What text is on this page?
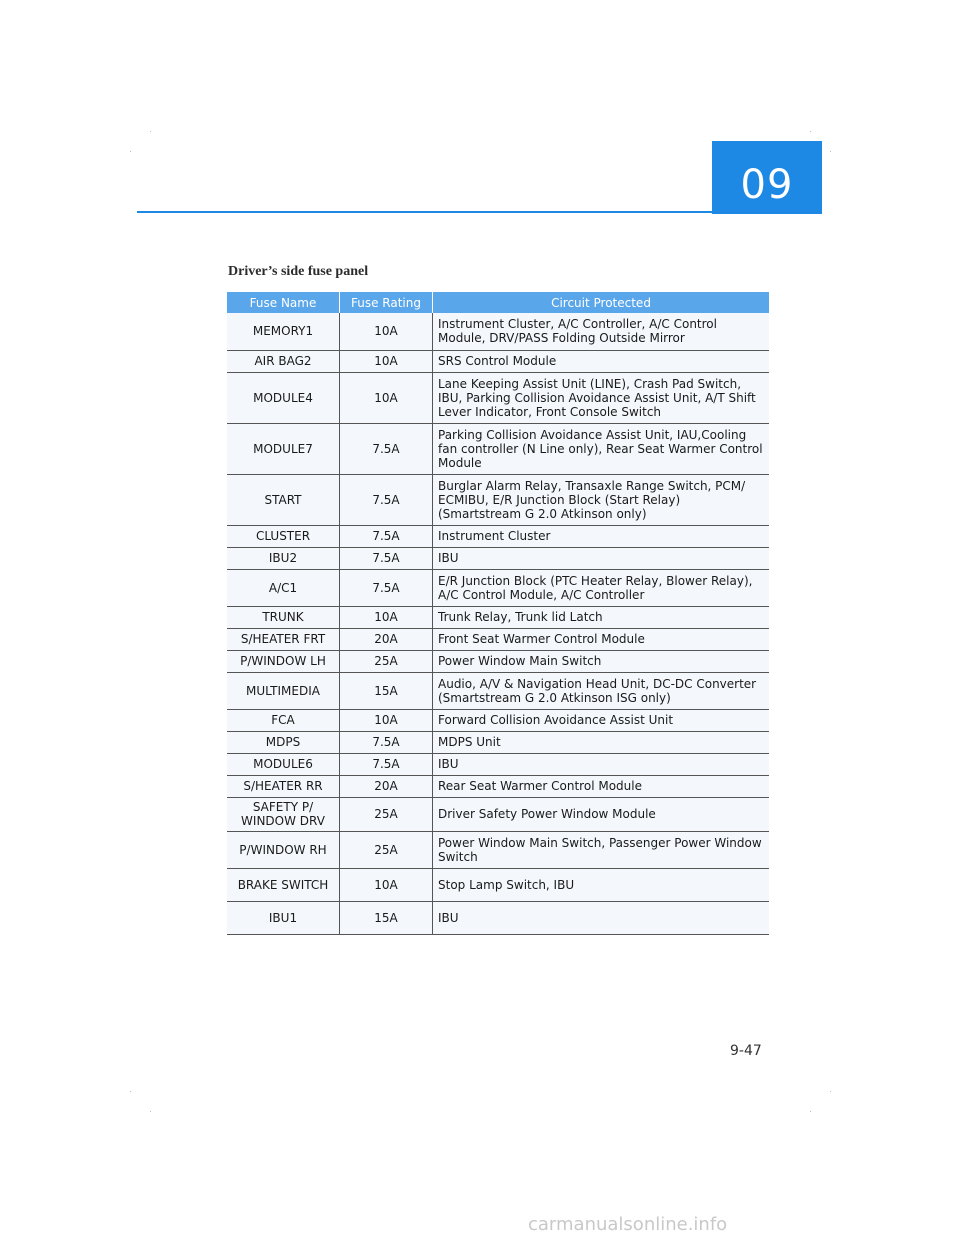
09
Driver’s side fuse panel
Fuse Name	Fuse Rating	Circuit Protected
MEMORY1	10A	Instrument Cluster, A/C Controller, A/C Control Module, DRV/PASS Folding Outside Mirror
AIR BAG2	10A	SRS Control Module
MODULE4	10A	Lane Keeping Assist Unit (LINE), Crash Pad Switch, IBU, Parking Collision Avoidance Assist Unit, A/T Shift Lever Indicator, Front Console Switch
MODULE7	7.5A	Parking Collision Avoidance Assist Unit, IAU,Cooling fan controller (N Line only), Rear Seat Warmer Control Module
START	7.5A	Burglar Alarm Relay, Transaxle Range Switch, PCM/ ECMIBU, E/R Junction Block (Start Relay) (Smartstream G 2.0 Atkinson only)
CLUSTER	7.5A	Instrument Cluster
IBU2	7.5A	IBU
A/C1	7.5A	E/R Junction Block (PTC Heater Relay, Blower Relay), A/C Control Module, A/C Controller
TRUNK	10A	Trunk Relay, Trunk lid Latch
S/HEATER FRT	20A	Front Seat Warmer Control Module
P/WINDOW LH	25A	Power Window Main Switch
MULTIMEDIA	15A	Audio, A/V & Navigation Head Unit, DC-DC Converter (Smartstream G 2.0 Atkinson ISG only)
FCA	10A	Forward Collision Avoidance Assist Unit
MDPS	7.5A	MDPS Unit
MODULE6	7.5A	IBU
S/HEATER RR	20A	Rear Seat Warmer Control Module
SAFETY P/ WINDOW DRV	25A	Driver Safety Power Window Module
P/WINDOW RH	25A	Power Window Main Switch, Passenger Power Window Switch
BRAKE SWITCH	10A	Stop Lamp Switch, IBU
IBU1	15A	IBU
9-47
carmanualsonline.info
